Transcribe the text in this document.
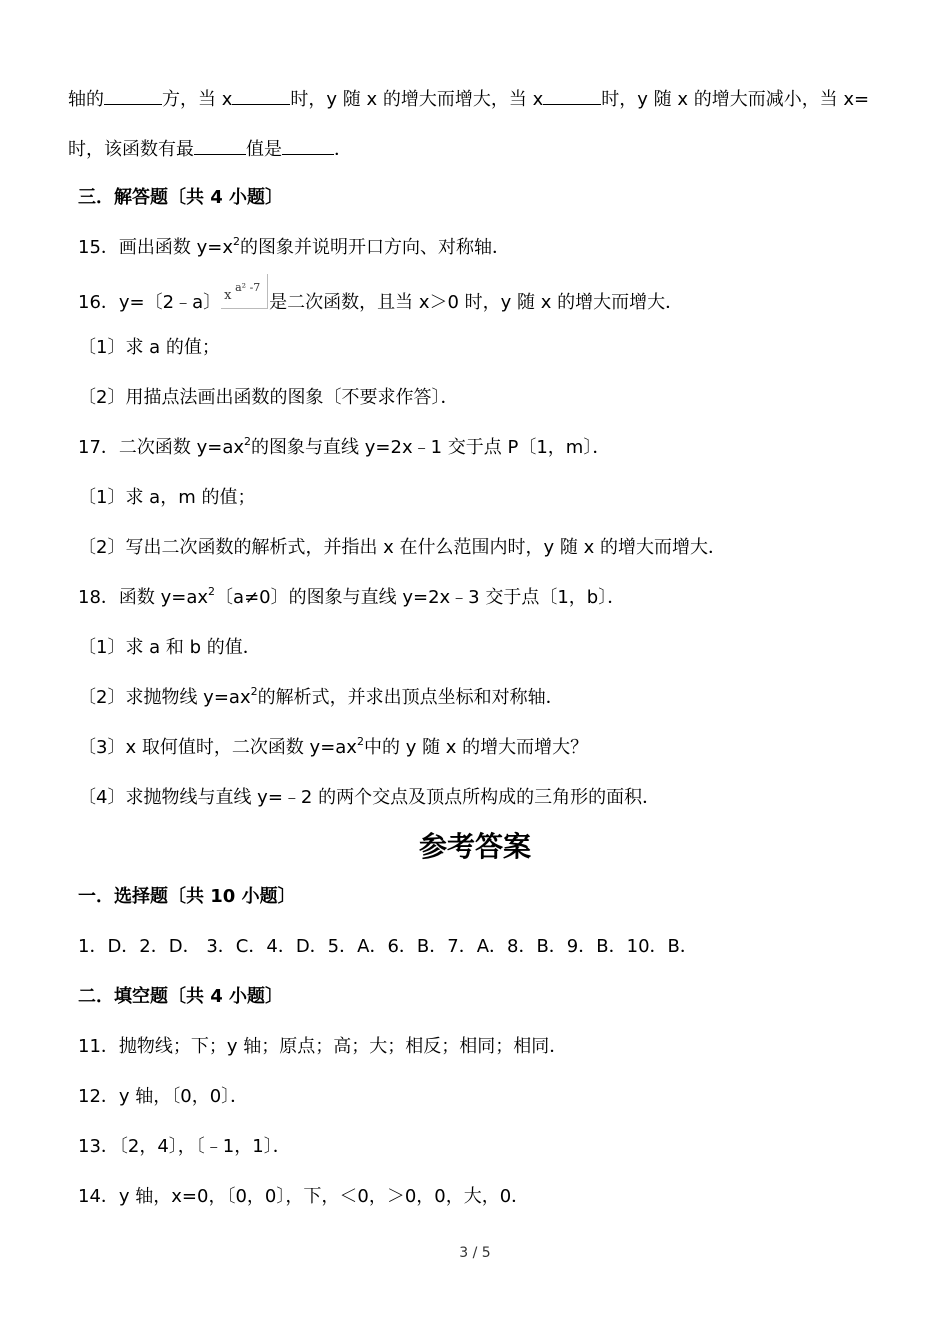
轴的	方，当 x	时，y 随 x 的增大而增大，当 x	时，y 随 x 的增大而减小，当 x=
时，该函数有最	值是	．
三．解答题〔共 4 小题〕
15．画出函数 $y=x^2$的图象并说明开口方向、对称轴．
16．y=〔2﹣a〕 x
a² -7
是二次函数，且当 x＞0 时，y 随 x 的增大而增大．
〔1〕求 a 的值；
〔2〕用描点法画出函数的图象〔不要求作答〕．
17．二次函数 $y=ax^2$的图象与直线 y=2x﹣1 交于点 P〔1，m〕．
〔1〕求 a，m 的值；
〔2〕写出二次函数的解析式，并指出 x 在什么范围内时，y 随 x 的增大而增大．
18．函数 $y=ax^2$〔a≠0〕的图象与直线 y=2x﹣3 交于点〔1，b〕．
〔1〕求 a 和 b 的值．
〔2〕求抛物线 $y=ax^2$的解析式，并求出顶点坐标和对称轴．
〔3〕x 取何值时，二次函数 $y=ax^2$中的 y 随 x 的增大而增大？
〔4〕求抛物线与直线 y=﹣2 的两个交点及顶点所构成的三角形的面积．
参考答案
一．选择题〔共 10 小题〕
1．D．2．D． 3．C．4．D．5．A．6．B．7．A．8．B．9．B．10．B．
二．填空题〔共 4 小题〕
11．抛物线；下；y 轴；原点；高；大；相反；相同；相同．
12．y 轴，〔0，0〕．
13．〔2，4〕，〔﹣1，1〕．
14．y 轴，x=0，〔0，0〕，下，＜0，＞0，0，大，0．
3 / 5
